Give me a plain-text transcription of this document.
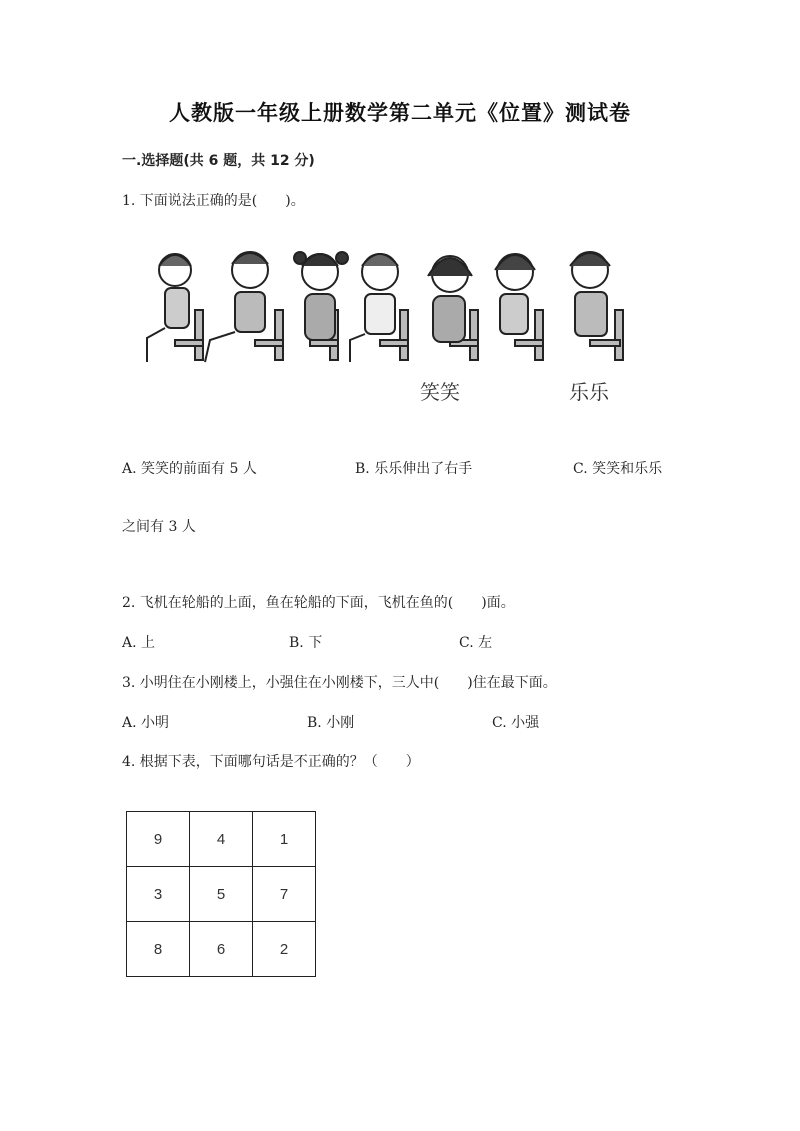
人教版一年级上册数学第二单元《位置》测试卷
一.选择题(共 6 题，共 12 分)
1. 下面说法正确的是(　　)。
笑笑	乐乐
A. 笑笑的前面有 5 人	B. 乐乐伸出了右手	C. 笑笑和乐乐
之间有 3 人
2. 飞机在轮船的上面，鱼在轮船的下面，飞机在鱼的(　　)面。
A. 上	B. 下	C. 左
3. 小明住在小刚楼上，小强住在小刚楼下，三人中(　　)住在最下面。
A. 小明	B. 小刚	C. 小强
4. 根据下表，下面哪句话是不正确的？（　　）
9	4	1
3	5	7
8	6	2
